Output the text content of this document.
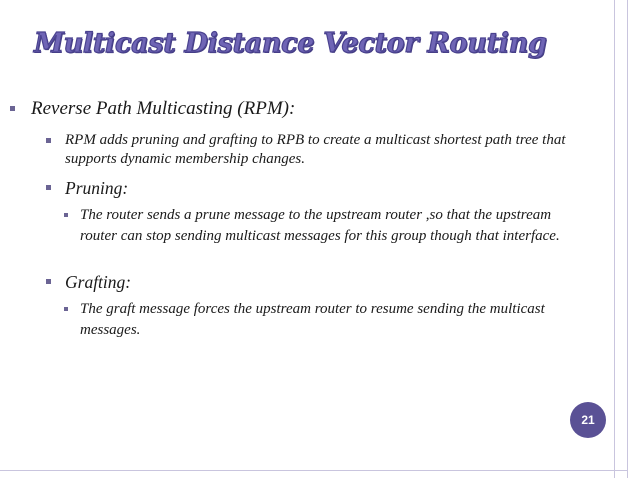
Multicast Distance Vector Routing
Reverse Path Multicasting (RPM):
RPM adds pruning and grafting to RPB to create a multicast shortest path tree that supports dynamic membership changes.
Pruning:
The router sends a prune message to the upstream router ,so that the upstream router can stop sending multicast messages for this group though that interface.
Grafting:
The graft message forces the upstream router to resume sending the multicast messages.
21
